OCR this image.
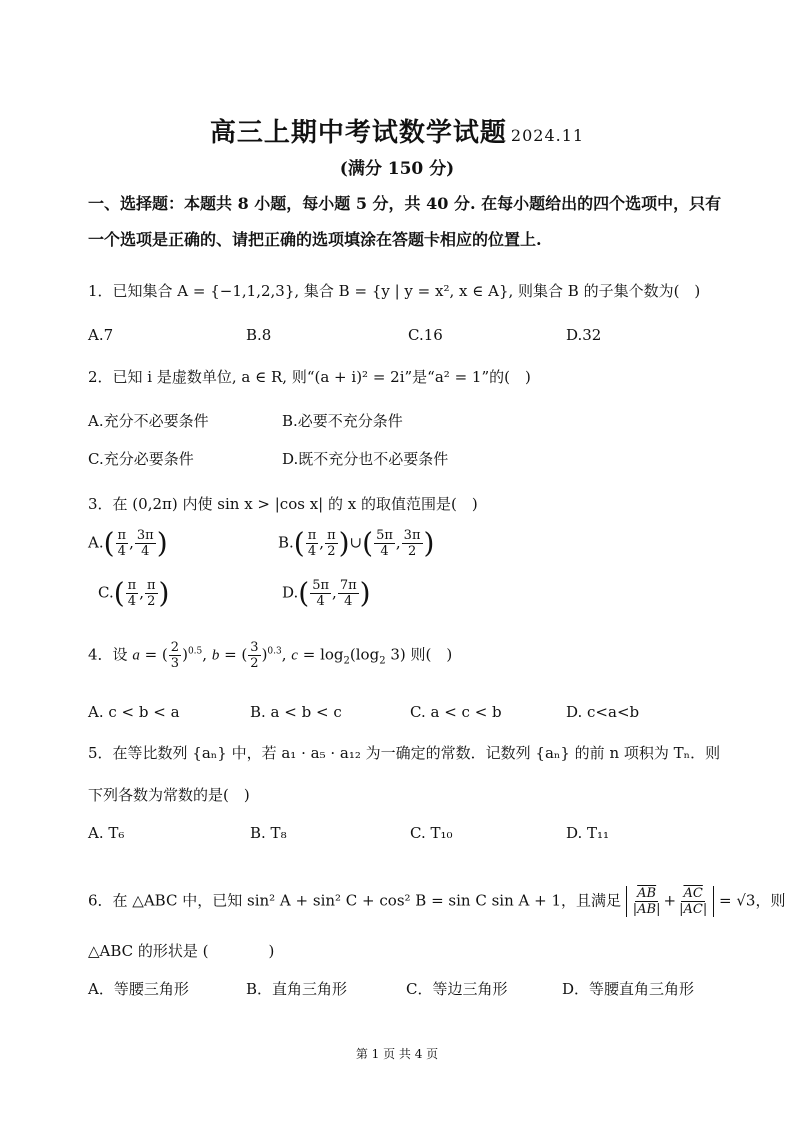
高三上期中考试数学试题 2024.11
(满分 150 分)
一、选择题：本题共 8 小题，每小题 5 分，共 40 分. 在每小题给出的四个选项中，只有
一个选项是正确的、请把正确的选项填涂在答题卡相应的位置上.
1．已知集合 A = {−1,1,2,3}, 集合 B = {y | y = x², x ∈ A}, 则集合 B 的子集个数为(　)
A.7	B.8	C.16	D.32
2．已知 i 是虚数单位, a ∈ R, 则“(a + i)² = 2i”是“a² = 1”的(　)
A.充分不必要条件	B.必要不充分条件
C.充分必要条件	D.既不充分也不必要条件
3．在 (0,2π) 内使 sin x > |cos x| 的 x 的取值范围是(　)
$A.( \frac{\pi}{4}$ , $\frac{3\pi}{4}$ )	$B.( \frac{\pi}{4}$ , $\frac{\pi}{2}$ )∪( $\frac{5\pi}{4}$ , $\frac{3\pi}{2}$ )
$C.( \frac{\pi}{4}$ , $\frac{\pi}{2}$ )	$D.( \frac{5\pi}{4}$ , $\frac{7\pi}{4}$ )
4．设 a = ( $\frac{2}{3} )^{0.5}$, b = ( $\frac{3}{2} )^{0.3}$, $c = \log_2(\log_2$ 3) 则(　)
A. c < b < a	B. a < b < c	C. a < c < b	D. c<a<b
5．在等比数列 {aₙ} 中，若 a₁ · a₅ · a₁₂ 为一确定的常数．记数列 {aₙ} 的前 n 项积为 Tₙ．则
下列各数为常数的是(　)
A. T₆	B. T₈	C. T₁₀	D. T₁₁
6．在 △ABC 中，已知 sin² A + sin² C + cos² B = sin C sin A + 1，且满足 $\frac{\overline{AB}}{|\overline{AB}|} + \frac{\overline{AC}}{|\overline{AC}|} = √3$，则
△ABC 的形状是 (　　　　)
A．等腰三角形	B．直角三角形	C．等边三角形	D．等腰直角三角形
第 1 页 共 4 页
